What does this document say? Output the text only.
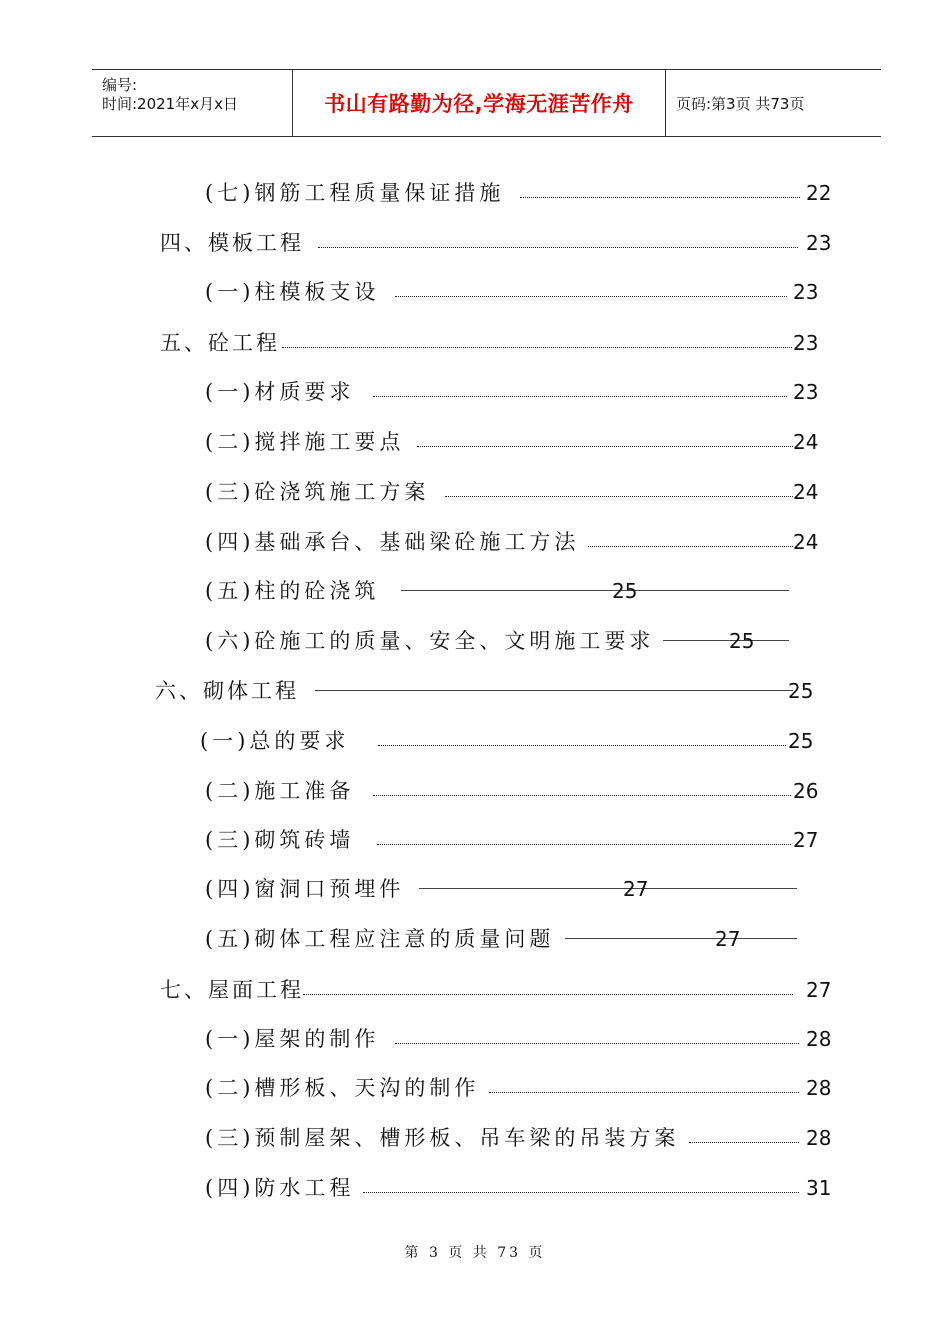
编号:
时间:2021年x月x日	书山有路勤为径,学海无涯苦作舟	页码:第3页 共73页
(七)钢筋工程质量保证措施	22
四、模板工程	23
(一)柱模板支设	23
五、砼工程	23
(一)材质要求	23
(二)搅拌施工要点	24
(三)砼浇筑施工方案	24
(四)基础承台、基础梁砼施工方法	24
(五)柱的砼浇筑	25
(六)砼施工的质量、安全、文明施工要求	25
六、砌体工程	25
(一)总的要求	25
(二)施工准备	26
(三)砌筑砖墙	27
(四)窗洞口预埋件	27
(五)砌体工程应注意的质量问题	27
七、屋面工程	27
(一)屋架的制作	28
(二)槽形板、天沟的制作	28
(三)预制屋架、槽形板、吊车梁的吊装方案	28
(四)防水工程	31
第 3 页 共 73 页
